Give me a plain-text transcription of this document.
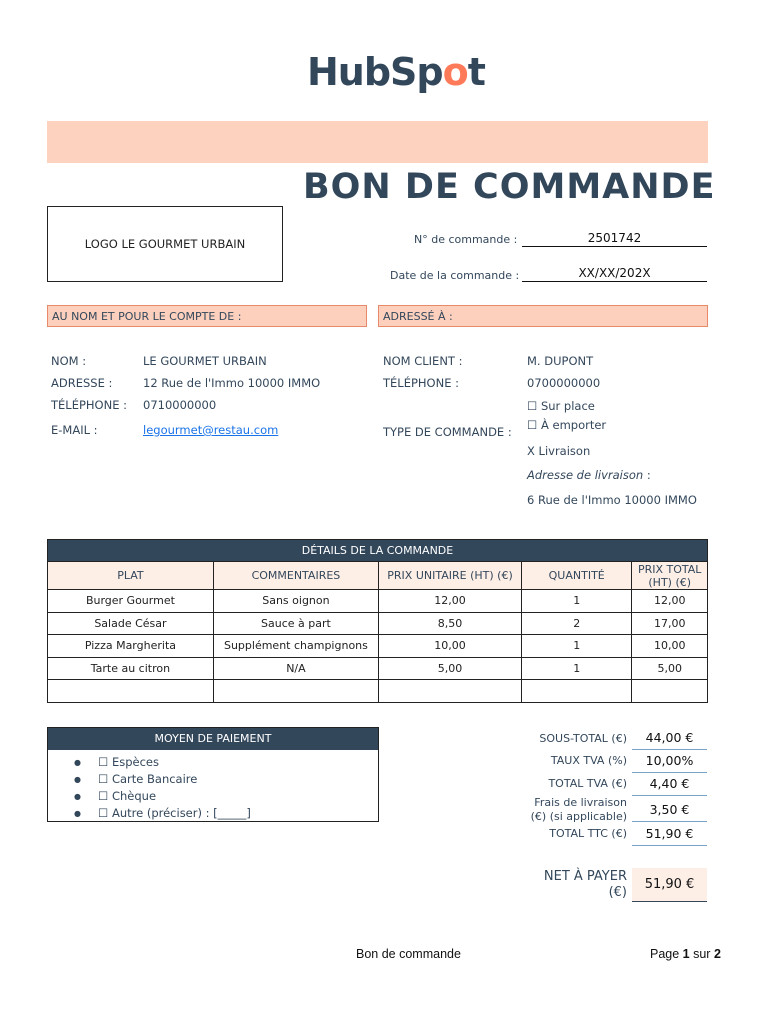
HubSpot
BON DE COMMANDE
LOGO LE GOURMET URBAIN	N° de commande :	2501742
Date de la commande :	XX/XX/202X
AU NOM ET POUR LE COMPTE DE :	ADRESSÉ À :
NOM :	LE GOURMET URBAIN
ADRESSE :	12 Rue de l'Immo 10000 IMMO
TÉLÉPHONE : 0710000000
E-MAIL :	legourmet@restau.com
NOM CLIENT :	M. DUPONT
TÉLÉPHONE :	0700000000
☐ Sur place
☐ À emporter
TYPE DE COMMANDE :
X Livraison
Adresse de livraison :
6 Rue de l'Immo 10000 IMMO
DÉTAILS DE LA COMMANDE				
PLAT	COMMENTAIRES	PRIX UNITAIRE (HT) (€)	QUANTITÉ	PRIX TOTAL (HT) (€)
Burger Gourmet	Sans oignon	12,00	1	12,00
Salade César	Sauce à part	8,50	2	17,00
Pizza Margherita	Supplément champignons	10,00	1	10,00
Tarte au citron	N/A	5,00	1	5,00

MOYEN DE PAIEMENT
● ☐ Espèces
● ☐ Carte Bancaire
● ☐ Chèque
● ☐ Autre (préciser) : [_____]
SOUS-TOTAL (€)	44,00 €
TAUX TVA (%)	10,00%
TOTAL TVA (€)	4,40 €
Frais de livraison
(€) (si applicable)	3,50 €
TOTAL TTC (€)	51,90 €
NET À PAYER
(€)
51,90 €
Bon de commande	Page 1 sur 2
